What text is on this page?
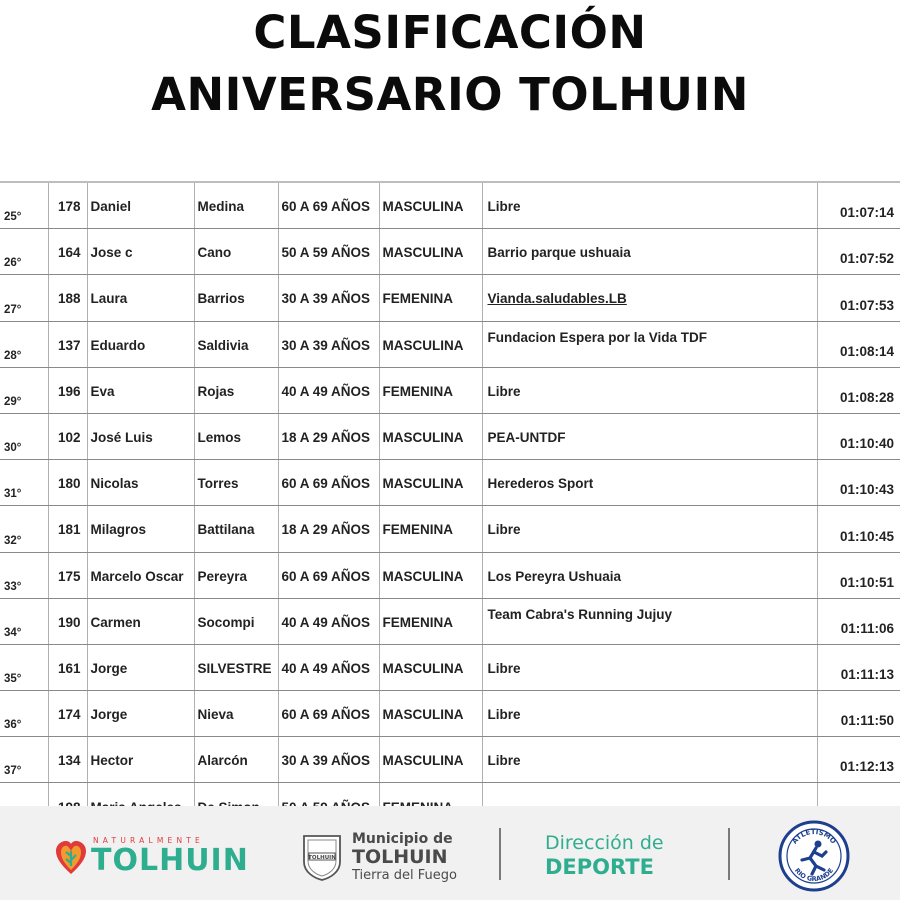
CLASIFICACIÓN
ANIVERSARIO TOLHUIN
25°	178	Daniel	Medina	60 A 69 AÑOS	MASCULINA	Libre	01:07:14
26°	164	Jose c	Cano	50 A 59 AÑOS	MASCULINA	Barrio parque ushuaia	01:07:52
27°	188	Laura	Barrios	30 A 39 AÑOS	FEMENINA	Vianda.saludables.LB	01:07:53
28°	137	Eduardo	Saldivia	30 A 39 AÑOS	MASCULINA	Fundacion Espera por la Vida TDF	01:08:14
29°	196	Eva	Rojas	40 A 49 AÑOS	FEMENINA	Libre	01:08:28
30°	102	José Luis	Lemos	18 A 29 AÑOS	MASCULINA	PEA-UNTDF	01:10:40
31°	180	Nicolas	Torres	60 A 69 AÑOS	MASCULINA	Herederos Sport	01:10:43
32°	181	Milagros	Battilana	18 A 29 AÑOS	FEMENINA	Libre	01:10:45
33°	175	Marcelo Oscar	Pereyra	60 A 69 AÑOS	MASCULINA	Los Pereyra Ushuaia	01:10:51
34°	190	Carmen	Socompi	40 A 49 AÑOS	FEMENINA	Team Cabra's Running Jujuy	01:11:06
35°	161	Jorge	SILVESTRE	40 A 49 AÑOS	MASCULINA	Libre	01:11:13
36°	174	Jorge	Nieva	60 A 69 AÑOS	MASCULINA	Libre	01:11:50
37°	134	Hector	Alarcón	30 A 39 AÑOS	MASCULINA	Libre	01:12:13

NATURALMENTE
TOLHUIN	TOLHUIN
Municipio de
TOLHUIN
Tierra del Fuego
Dirección de
DEPORTE
ATLETISMO
RIO GRANDE
